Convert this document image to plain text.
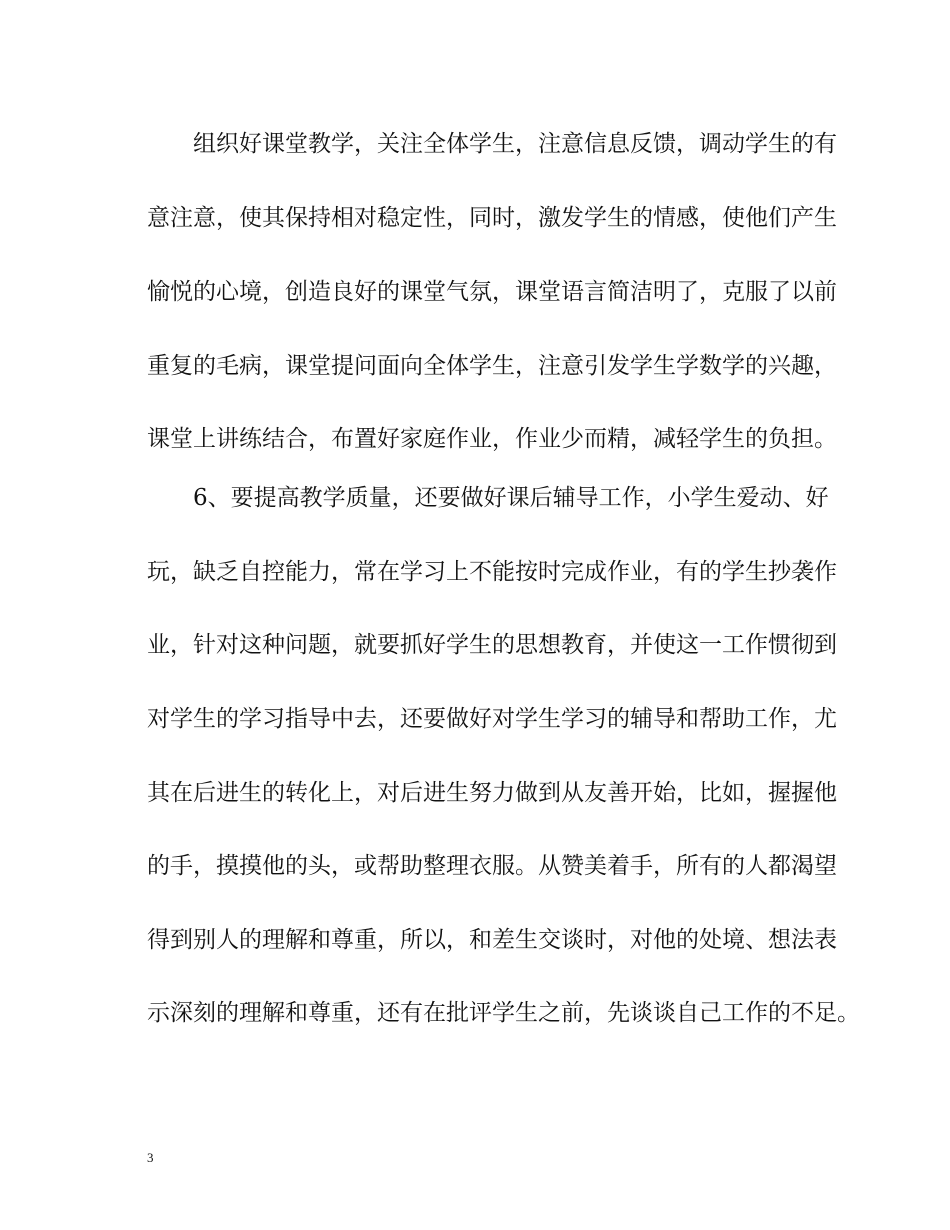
　　组织好课堂教学，关注全体学生，注意信息反馈，调动学生的有
意注意，使其保持相对稳定性，同时，激发学生的情感，使他们产生
愉悦的心境，创造良好的课堂气氛，课堂语言简洁明了，克服了以前
重复的毛病，课堂提问面向全体学生，注意引发学生学数学的兴趣，
课堂上讲练结合，布置好家庭作业，作业少而精，减轻学生的负担。
　　6、要提高教学质量，还要做好课后辅导工作，小学生爱动、好
玩，缺乏自控能力，常在学习上不能按时完成作业，有的学生抄袭作
业，针对这种问题，就要抓好学生的思想教育，并使这一工作惯彻到
对学生的学习指导中去，还要做好对学生学习的辅导和帮助工作，尤
其在后进生的转化上，对后进生努力做到从友善开始，比如，握握他
的手，摸摸他的头，或帮助整理衣服。从赞美着手，所有的人都渴望
得到别人的理解和尊重，所以，和差生交谈时，对他的处境、想法表
示深刻的理解和尊重，还有在批评学生之前，先谈谈自己工作的不足。
3
